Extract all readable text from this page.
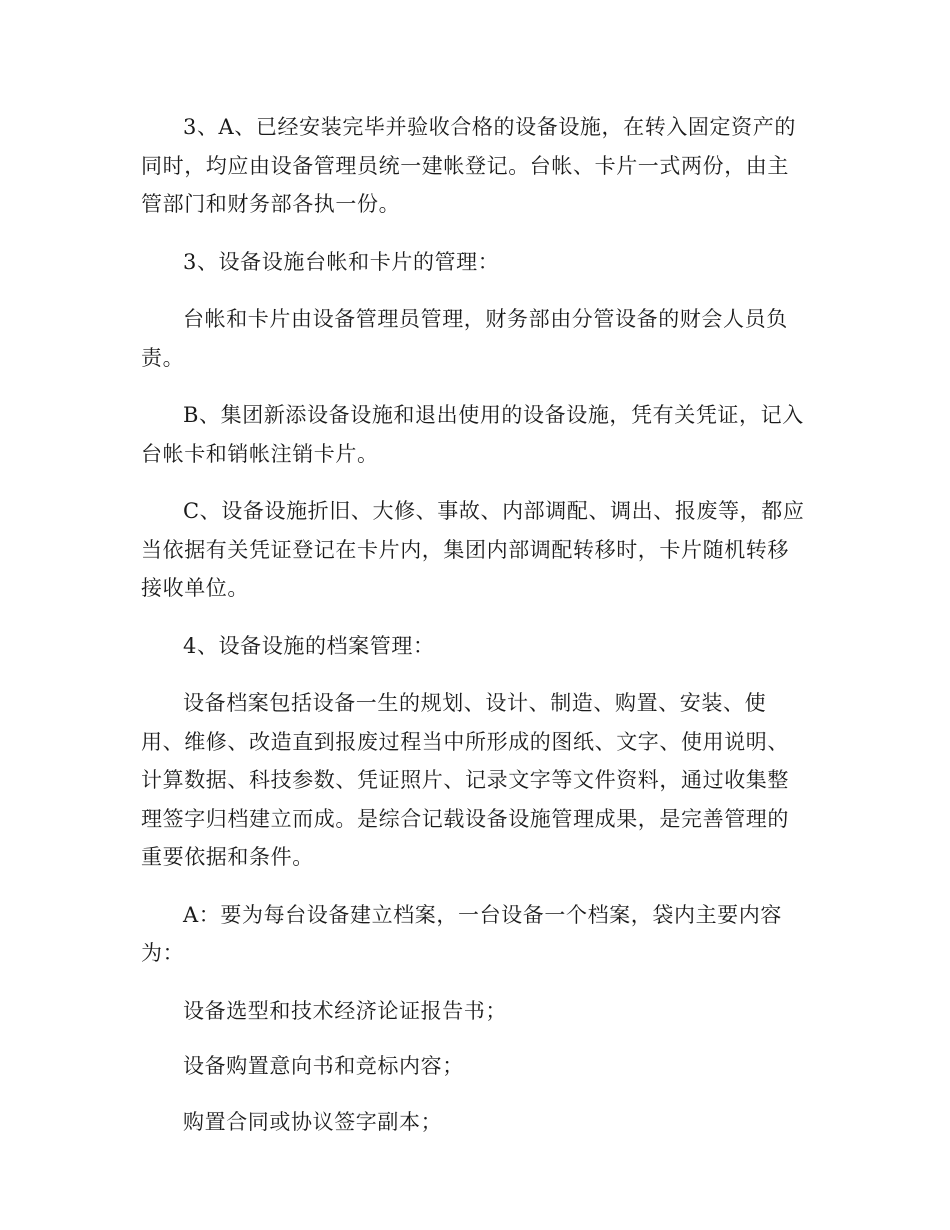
3、A、已经安装完毕并验收合格的设备设施，在转入固定资产的同时，均应由设备管理员统一建帐登记。台帐、卡片一式两份，由主管部门和财务部各执一份。

3、设备设施台帐和卡片的管理：

台帐和卡片由设备管理员管理，财务部由分管设备的财会人员负责。

B、集团新添设备设施和退出使用的设备设施，凭有关凭证，记入台帐卡和销帐注销卡片。

C、设备设施折旧、大修、事故、内部调配、调出、报废等，都应当依据有关凭证登记在卡片内，集团内部调配转移时，卡片随机转移接收单位。

4、设备设施的档案管理：

设备档案包括设备一生的规划、设计、制造、购置、安装、使用、维修、改造直到报废过程当中所形成的图纸、文字、使用说明、计算数据、科技参数、凭证照片、记录文字等文件资料，通过收集整理签字归档建立而成。是综合记载设备设施管理成果，是完善管理的重要依据和条件。

A：要为每台设备建立档案，一台设备一个档案，袋内主要内容为：

设备选型和技术经济论证报告书；

设备购置意向书和竞标内容；

购置合同或协议签字副本；
